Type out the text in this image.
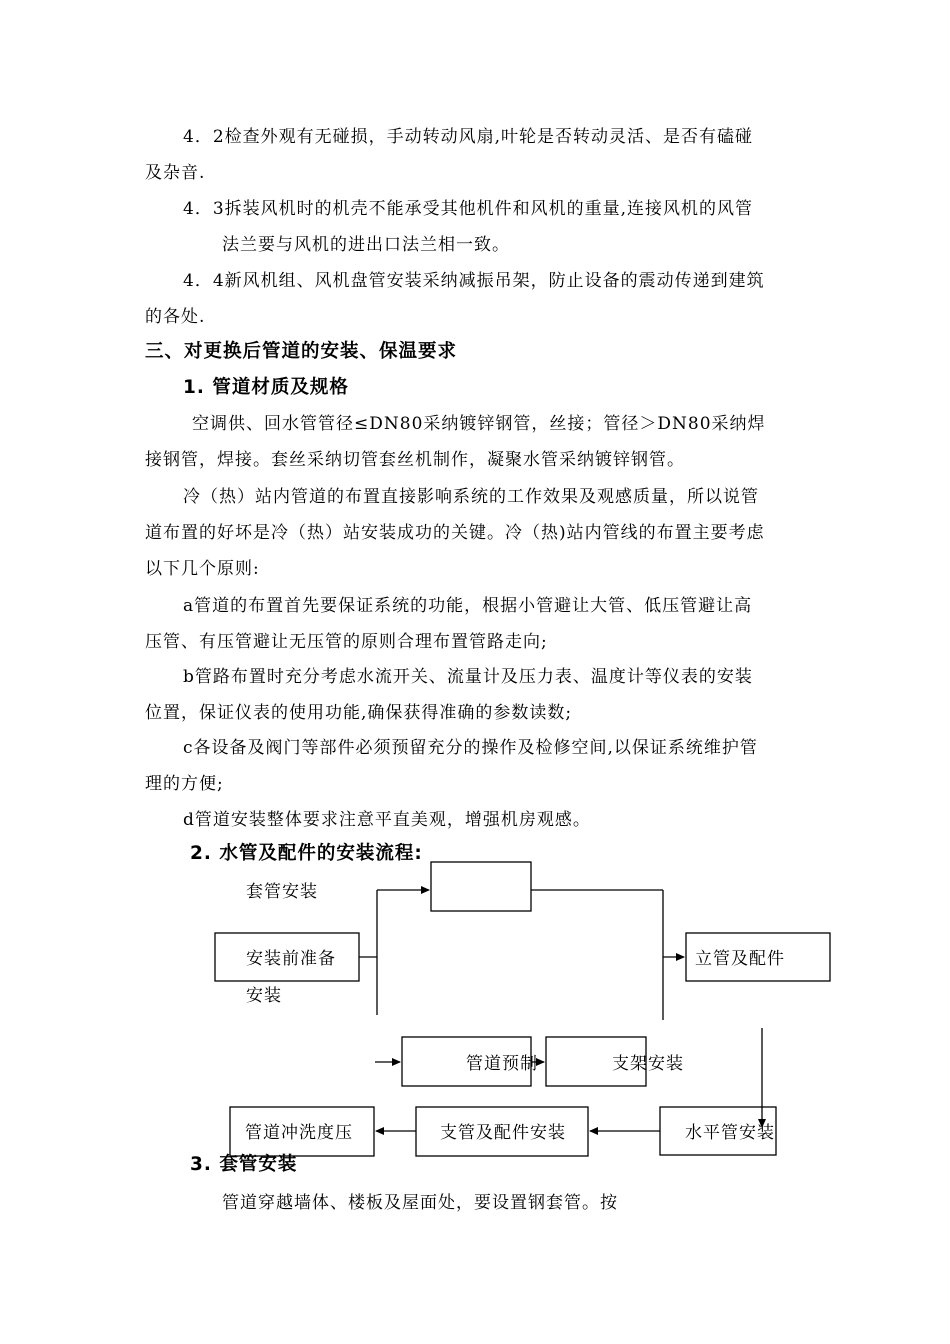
4．2检查外观有无碰损，手动转动风扇,叶轮是否转动灵活、是否有磕碰
及杂音.
4．3拆装风机时的机壳不能承受其他机件和风机的重量,连接风机的风管
法兰要与风机的进出口法兰相一致。
4．4新风机组、风机盘管安装采纳减振吊架，防止设备的震动传递到建筑
的各处.
三、对更换后管道的安装、保温要求
1. 管道材质及规格
空调供、回水管管径≤DN80采纳镀锌钢管，丝接；管径＞DN80采纳焊
接钢管，焊接。套丝采纳切管套丝机制作，凝聚水管采纳镀锌钢管。
冷（热）站内管道的布置直接影响系统的工作效果及观感质量，所以说管
道布置的好坏是冷（热）站安装成功的关键。冷（热)站内管线的布置主要考虑
以下几个原则:
a管道的布置首先要保证系统的功能，根据小管避让大管、低压管避让高
压管、有压管避让无压管的原则合理布置管路走向;
b管路布置时充分考虑水流开关、流量计及压力表、温度计等仪表的安装
位置，保证仪表的使用功能,确保获得准确的参数读数;
c各设备及阀门等部件必须预留充分的操作及检修空间,以保证系统维护管
理的方便;
d管道安装整体要求注意平直美观，增强机房观感。
2. 水管及配件的安装流程:
套管安装
安装
安装前准备	立管及配件
管道预制	支架安装
管道冲洗度压	支管及配件安装	水平管安装
3. 套管安装
管道穿越墙体、楼板及屋面处，要设置钢套管。按
